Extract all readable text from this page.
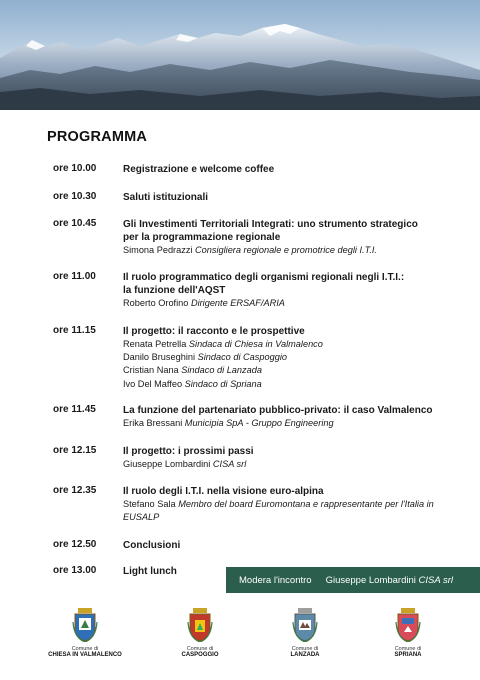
PROGRAMMA
ore 10.00	Registrazione e welcome coffee
ore 10.30	Saluti istituzionali
ore 10.45	Gli Investimenti Territoriali Integrati: uno strumento strategico
per la programmazione regionale
Simona Pedrazzi Consigliera regionale e promotrice degli I.T.I.
ore 11.00	Il ruolo programmatico degli organismi regionali negli I.T.I.:
la funzione dell'AQST
Roberto Orofino Dirigente ERSAF/ARIA
ore 11.15	Il progetto: il racconto e le prospettive
Renata Petrella Sindaca di Chiesa in Valmalenco
Danilo Bruseghini Sindaco di Caspoggio
Cristian Nana Sindaco di Lanzada
Ivo Del Maffeo Sindaco di Spriana
ore 11.45	La funzione del partenariato pubblico-privato: il caso Valmalenco
Erika Bressani Municipia SpA - Gruppo Engineering
ore 12.15	Il progetto: i prossimi passi
Giuseppe Lombardini CISA srl
ore 12.35	Il ruolo degli I.T.I. nella visione euro-alpina
Stefano Sala Membro del board Euromontana e rappresentante per l'Italia in EUSALP
ore 12.50	Conclusioni
ore 13.00	Light lunch
Modera l'incontro Giuseppe Lombardini
CISA srl
Comune di
CHIESA IN VALMALENCO
Comune di
CASPOGGIO
Comune di
LANZADA
Comune di
SPRIANA
